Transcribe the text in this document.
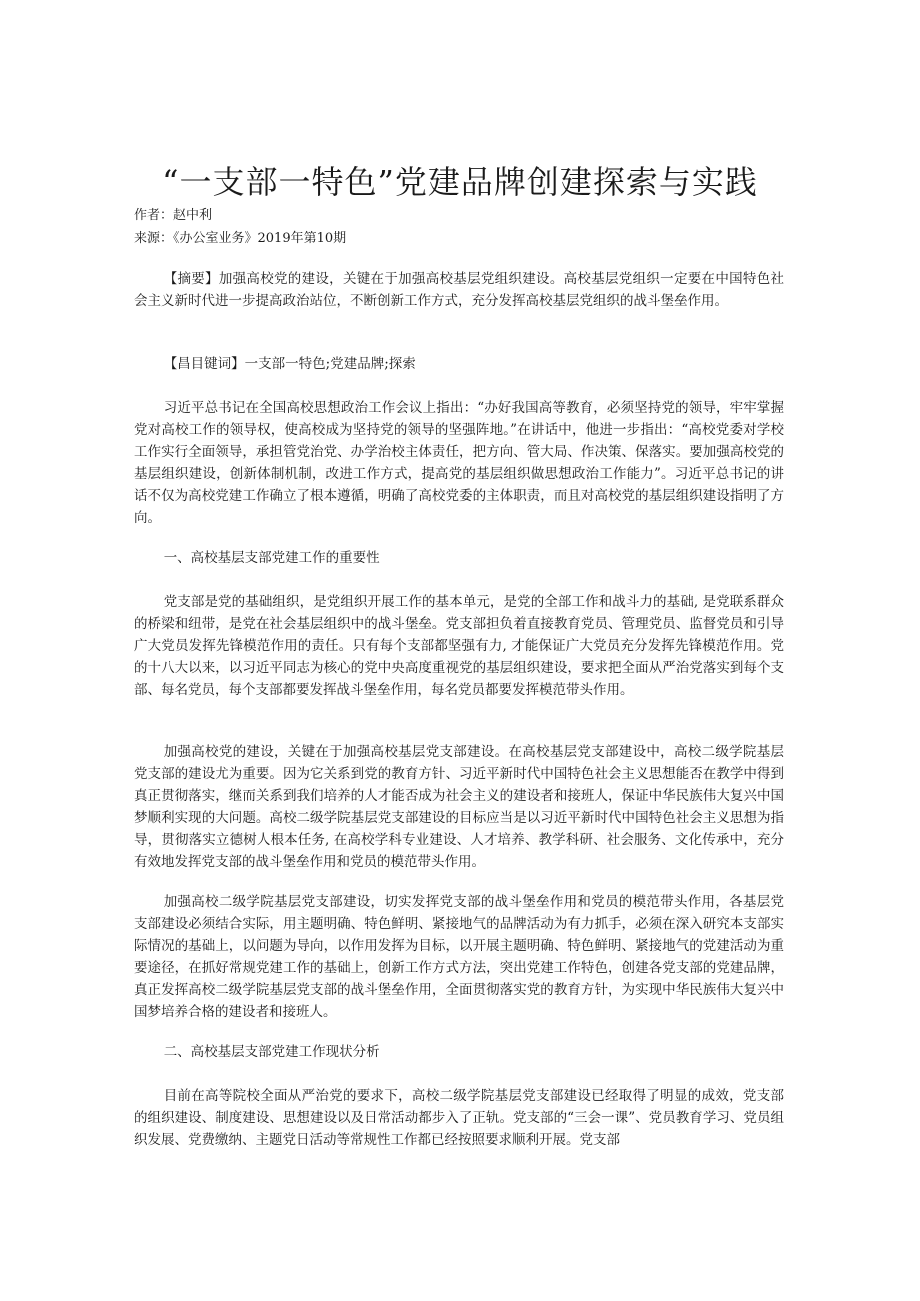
“一支部一特色”党建品牌创建探索与实践

作者：赵中利

来源：《办公室业务》2019年第10期

【摘要】加强高校党的建设，关键在于加强高校基层党组织建设。高校基层党组织一定要在中国特色社会主义新时代进一步提高政治站位，不断创新工作方式，充分发挥高校基层党组织的战斗堡垒作用。

【昌目键词】一支部一特色;党建品牌;探索

习近平总书记在全国高校思想政治工作会议上指出：“办好我国高等教育，必须坚持党的领导，牢牢掌握党对高校工作的领导权，使高校成为坚持党的领导的坚强阵地。”在讲话中，他进一步指出：“高校党委对学校工作实行全面领导，承担管党治党、办学治校主体责任，把方向、管大局、作决策、保落实。要加强高校党的基层组织建设，创新体制机制，改进工作方式，提高党的基层组织做思想政治工作能力”。习近平总书记的讲话不仅为高校党建工作确立了根本遵循，明确了高校党委的主体职责，而且对高校党的基层组织建设指明了方向。

一、高校基层支部党建工作的重要性

党支部是党的基础组织，是党组织开展工作的基本单元，是党的全部工作和战斗力的基础, 是党联系群众的桥梁和纽带，是党在社会基层组织中的战斗堡垒。党支部担负着直接教育党员、管理党员、监督党员和引导广大党员发挥先锋模范作用的责任。只有每个支部都坚强有力, 才能保证广大党员充分发挥先锋模范作用。党的十八大以来，以习近平同志为核心的党中央高度重视党的基层组织建设，要求把全面从严治党落实到每个支部、每名党员，每个支部都要发挥战斗堡垒作用，每名党员都要发挥模范带头作用。

加强高校党的建设，关键在于加强高校基层党支部建设。在高校基层党支部建设中，高校二级学院基层党支部的建设尤为重要。因为它关系到党的教育方针、习近平新时代中国特色社会主义思想能否在教学中得到真正贯彻落实，继而关系到我们培养的人才能否成为社会主义的建设者和接班人，保证中华民族伟大复兴中国梦顺利实现的大问题。高校二级学院基层党支部建设的目标应当是以习近平新时代中国特色社会主义思想为指导，贯彻落实立德树人根本任务, 在高校学科专业建设、人才培养、教学科研、社会服务、文化传承中，充分有效地发挥党支部的战斗堡垒作用和党员的模范带头作用。

加强高校二级学院基层党支部建设，切实发挥党支部的战斗堡垒作用和党员的模范带头作用，各基层党支部建设必须结合实际，用主题明确、特色鲜明、紧接地气的品牌活动为有力抓手，必须在深入研究本支部实际情况的基础上，以问题为导向，以作用发挥为目标，以开展主题明确、特色鲜明、紧接地气的党建活动为重要途径，在抓好常规党建工作的基础上，创新工作方式方法，突出党建工作特色，创建各党支部的党建品牌，真正发挥高校二级学院基层党支部的战斗堡垒作用，全面贯彻落实党的教育方针，为实现中华民族伟大复兴中国梦培养合格的建设者和接班人。

二、高校基层支部党建工作现状分析

目前在高等院校全面从严治党的要求下，高校二级学院基层党支部建设已经取得了明显的成效，党支部的组织建设、制度建设、思想建设以及日常活动都步入了正轨。党支部的“三会一课”、党员教育学习、党员组织发展、党费缴纳、主题党日活动等常规性工作都已经按照要求顺利开展。党支部
